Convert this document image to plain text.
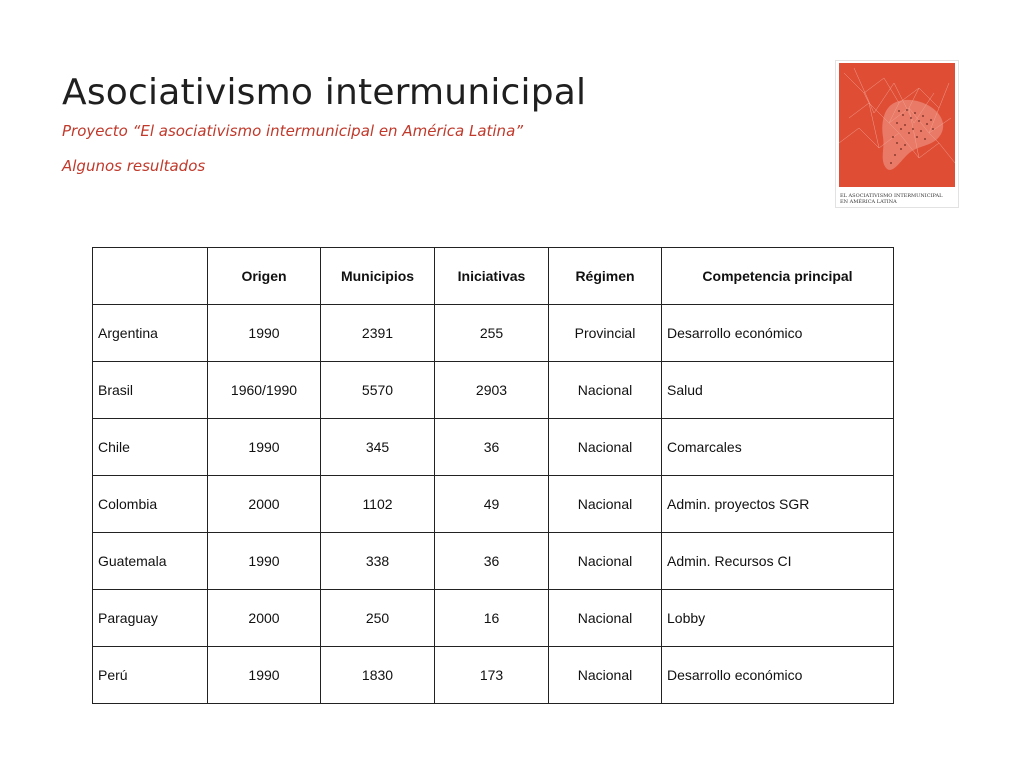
Asociativismo intermunicipal

Proyecto “El asociativismo intermunicipal en América Latina”

Algunos resultados

EL ASOCIATIVISMO INTERMUNICIPAL
EN AMÉRICA LATINA
	Origen	Municipios	Iniciativas	Régimen	Competencia principal
Argentina	1990	2391	255	Provincial	Desarrollo económico
Brasil	1960/1990	5570	2903	Nacional	Salud
Chile	1990	345	36	Nacional	Comarcales
Colombia	2000	1102	49	Nacional	Admin. proyectos SGR
Guatemala	1990	338	36	Nacional	Admin. Recursos CI
Paraguay	2000	250	16	Nacional	Lobby
Perú	1990	1830	173	Nacional	Desarrollo económico
